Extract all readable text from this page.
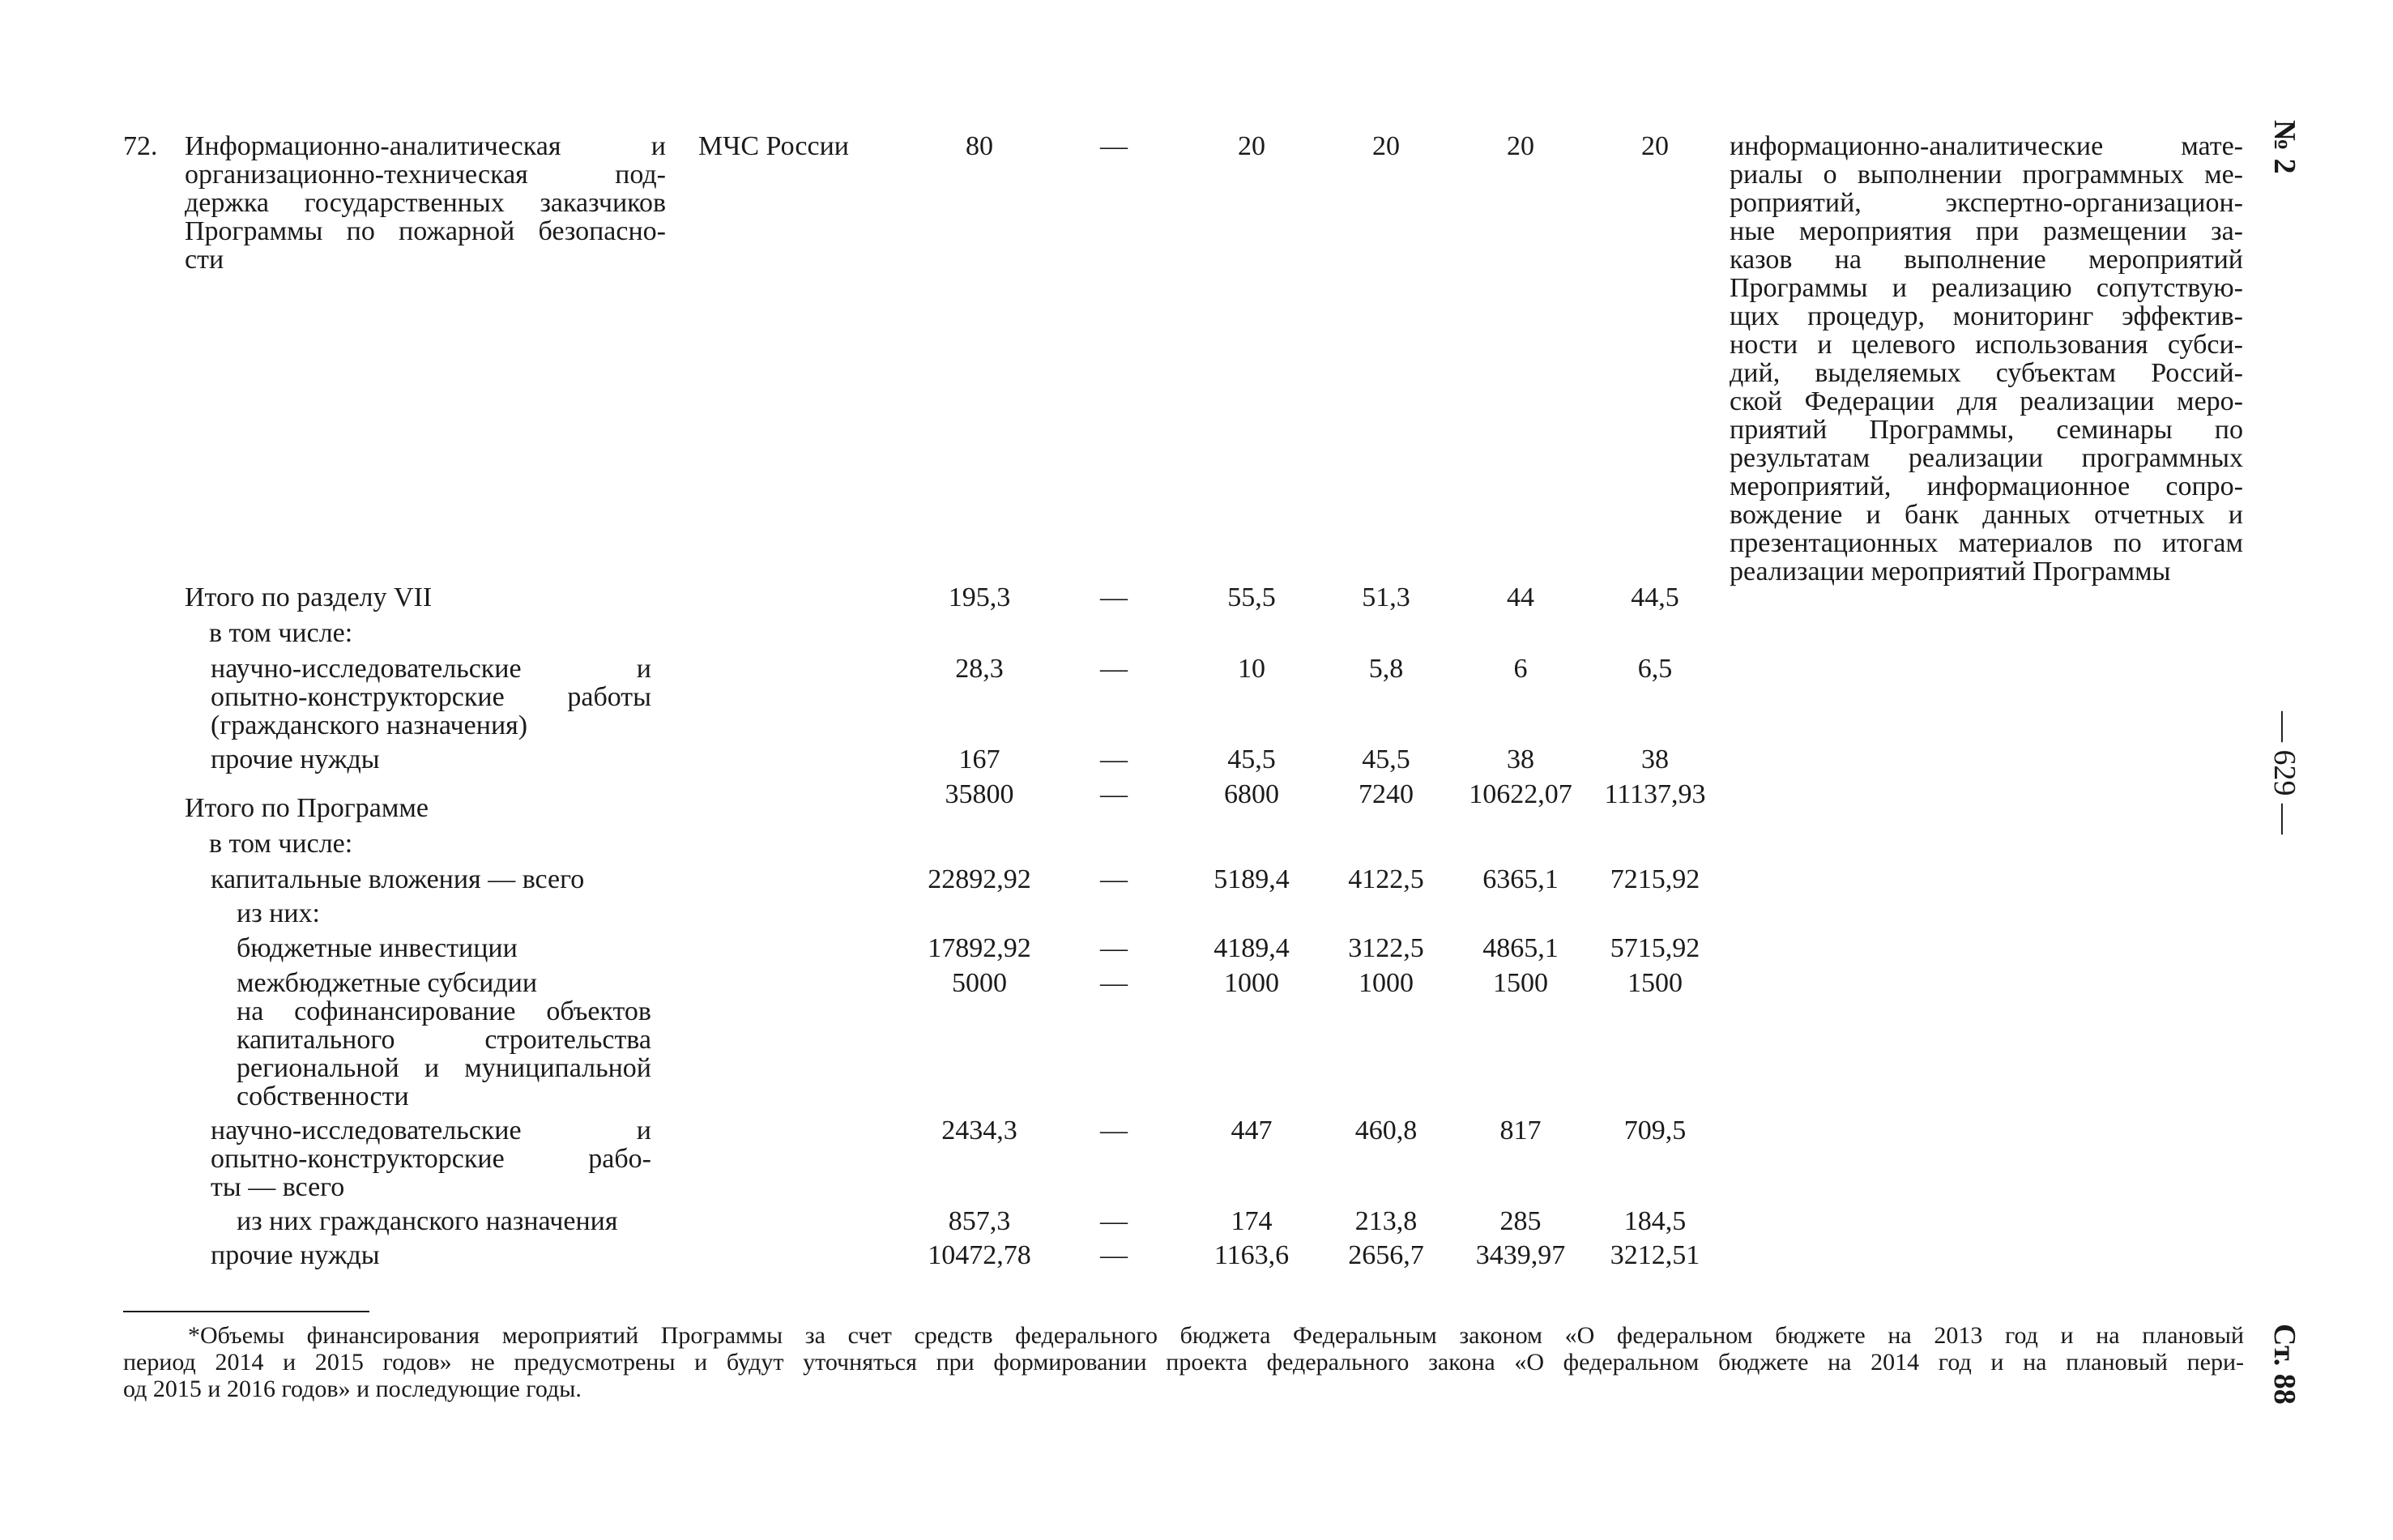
72. Информационно-аналитическая и
организационно-техническая под-
держка государственных заказчиков
Программы по пожарной безопасно-
сти
МЧС России	80	—	20	20	20	20	информационно-аналитические мате-
риалы о выполнении программных ме-
роприятий, экспертно-организацион-
ные мероприятия при размещении за-
казов на выполнение мероприятий
Программы и реализацию сопутствую-
щих процедур, мониторинг эффектив-
ности и целевого использования субси-
дий, выделяемых субъектам Россий-
ской Федерации для реализации меро-
приятий Программы, семинары по
результатам реализации программных
мероприятий, информационное сопро-
вождение и банк данных отчетных и
презентационных материалов по итогам
реализации мероприятий Программы
Итого по разделу VII	195,3	—	55,5	51,3	44	44,5
в том числе:
научно-исследовательские и
опытно-конструкторские работы
(гражданского назначения)
28,3	—	10	5,8	6	6,5
прочие нужды	167	—	45,5	45,5	38	38
Итого по Программе	35800	—	6800	7240	10622,07	11137,93
в том числе:
капитальные вложения — всего	22892,92	—	5189,4	4122,5	6365,1	7215,92
из них:
бюджетные инвестиции	17892,92	—	4189,4	3122,5	4865,1	5715,92
межбюджетные субсидии
на софинансирование объектов
капитального строительства
региональной и муниципальной
собственности
5000	—	1000	1000	1500	1500
научно-исследовательские и
опытно-конструкторские рабо-
ты — всего
2434,3	—	447	460,8	817	709,5
из них гражданского назначения	857,3	—	174	213,8	285	184,5
прочие нужды	10472,78	—	1163,6	2656,7	3439,97	3212,51
*Объемы финансирования мероприятий Программы за счет средств федерального бюджета Федеральным законом «О федеральном бюджете на 2013 год и на плановый
период 2014 и 2015 годов» не предусмотрены и будут уточняться при формировании проекта федерального закона «О федеральном бюджете на 2014 год и на плановый пери-
од 2015 и 2016 годов» и последующие годы.
№ 2
— 629 —
Ст. 88
